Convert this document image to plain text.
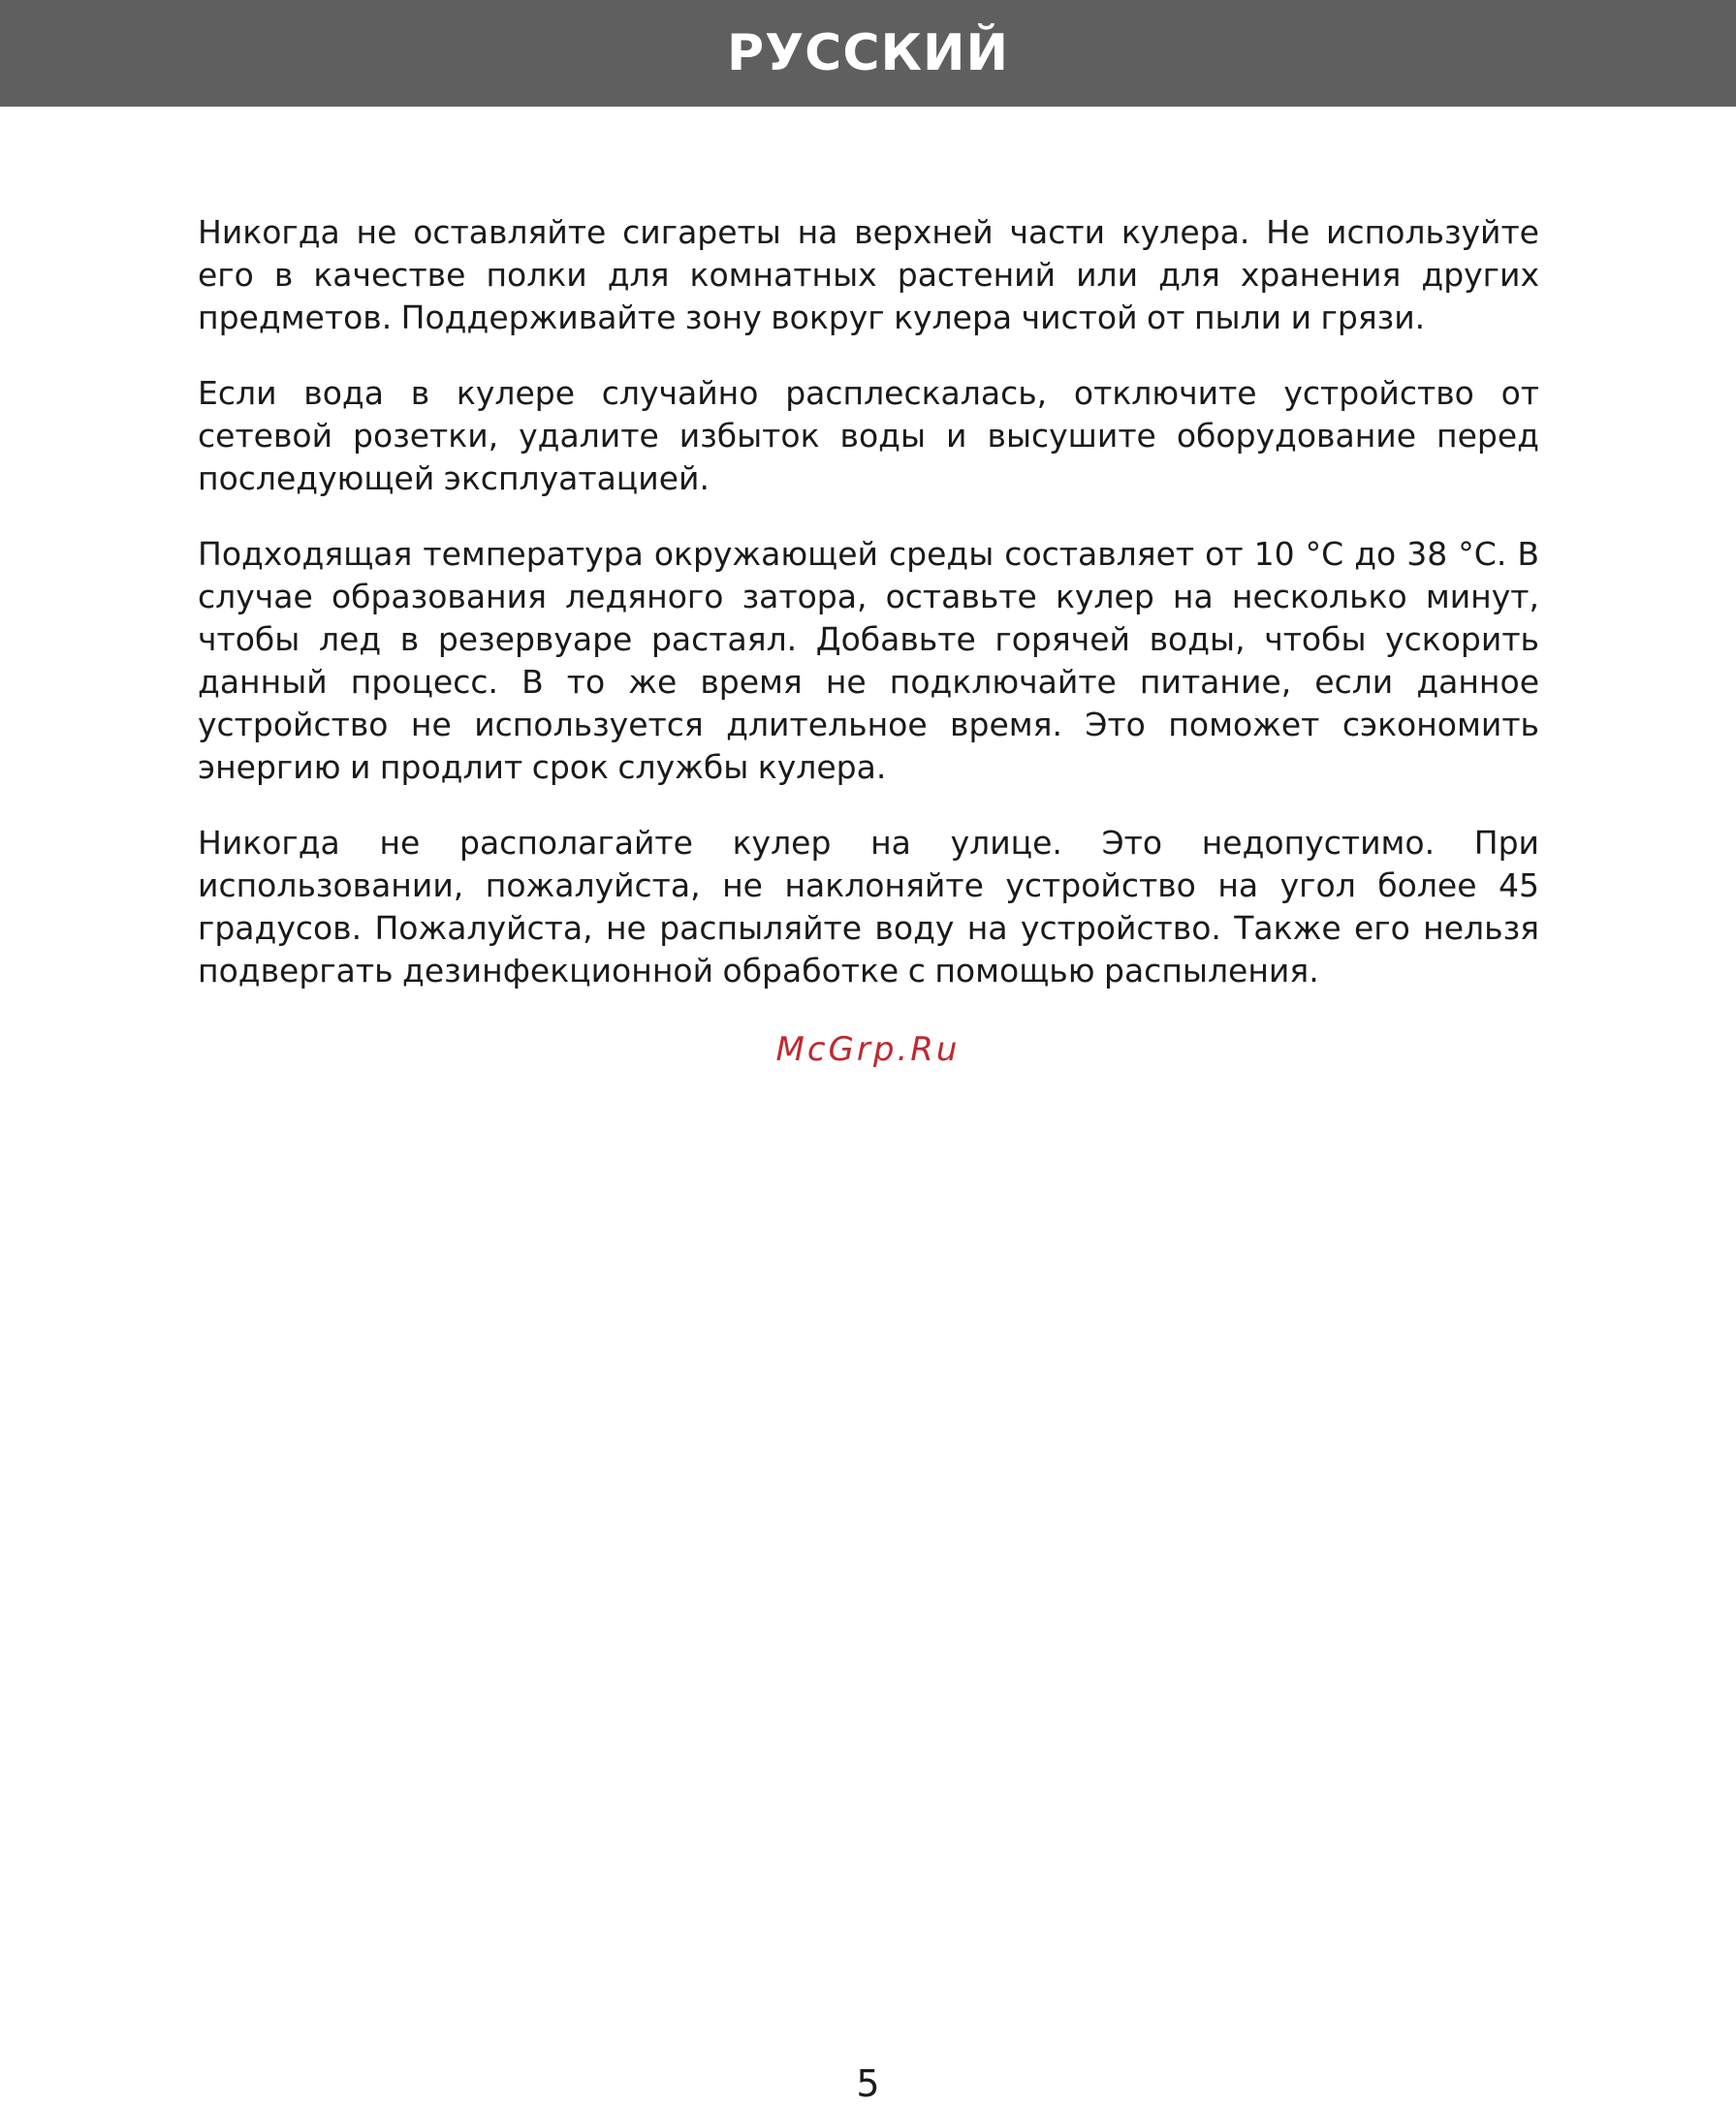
РУССКИЙ

Никогда не оставляйте сигареты на верхней части кулера. Не используйте его в качестве полки для комнатных растений или для хранения других предметов. Поддерживайте зону вокруг кулера чистой от пыли и грязи.

Если вода в кулере случайно расплескалась, отключите устройство от сетевой розетки, удалите избыток воды и высушите оборудование перед последующей эксплуатацией.

Подходящая температура окружающей среды составляет от 10 °C до 38 °C. В случае образования ледяного затора, оставьте кулер на несколько минут, чтобы лед в резервуаре растаял. Добавьте горячей воды, чтобы ускорить данный процесс. В то же время не подключайте питание, если данное устройство не используется длительное время. Это поможет сэкономить энергию и продлит срок службы кулера.

Никогда не располагайте кулер на улице. Это недопустимо. При использовании, пожалуйста, не наклоняйте устройство на угол более 45 градусов. Пожалуйста, не распыляйте воду на устройство. Также его нельзя подвергать дезинфекционной обработке с помощью распыления.

McGrp.Ru
5
